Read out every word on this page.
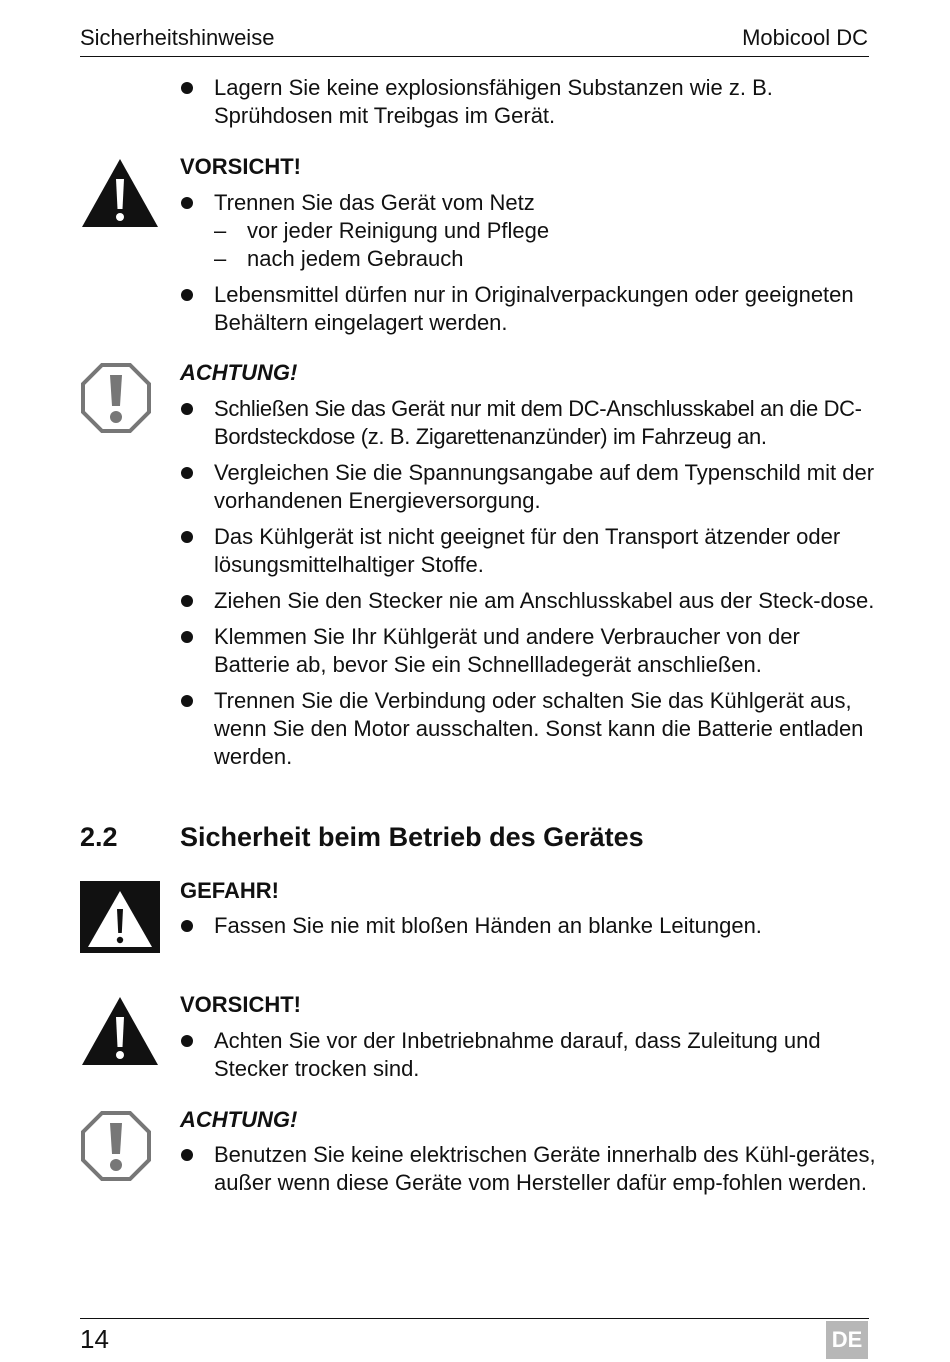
Sicherheitshinweise	Mobicool DC
Lagern Sie keine explosionsfähigen Substanzen wie z. B. Sprühdosen mit Treibgas im Gerät.
VORSICHT!
Trennen Sie das Gerät vom Netz
– vor jeder Reinigung und Pflege
– nach jedem Gebrauch
Lebensmittel dürfen nur in Originalverpackungen oder geeigneten Behältern eingelagert werden.
ACHTUNG!
Schließen Sie das Gerät nur mit dem DC-Anschlusskabel an die DC-Bordsteckdose (z. B. Zigarettenanzünder) im Fahrzeug an.
Vergleichen Sie die Spannungsangabe auf dem Typenschild mit der vorhandenen Energieversorgung.
Das Kühlgerät ist nicht geeignet für den Transport ätzender oder lösungsmittelhaltiger Stoffe.
Ziehen Sie den Stecker nie am Anschlusskabel aus der Steck-dose.
Klemmen Sie Ihr Kühlgerät und andere Verbraucher von der Batterie ab, bevor Sie ein Schnellladegerät anschließen.
Trennen Sie die Verbindung oder schalten Sie das Kühlgerät aus, wenn Sie den Motor ausschalten. Sonst kann die Batterie entladen werden.
2.2 Sicherheit beim Betrieb des Gerätes
GEFAHR!
Fassen Sie nie mit bloßen Händen an blanke Leitungen.
VORSICHT!
Achten Sie vor der Inbetriebnahme darauf, dass Zuleitung und Stecker trocken sind.
ACHTUNG!
Benutzen Sie keine elektrischen Geräte innerhalb des Kühl-gerätes, außer wenn diese Geräte vom Hersteller dafür emp-fohlen werden.
14	DE
